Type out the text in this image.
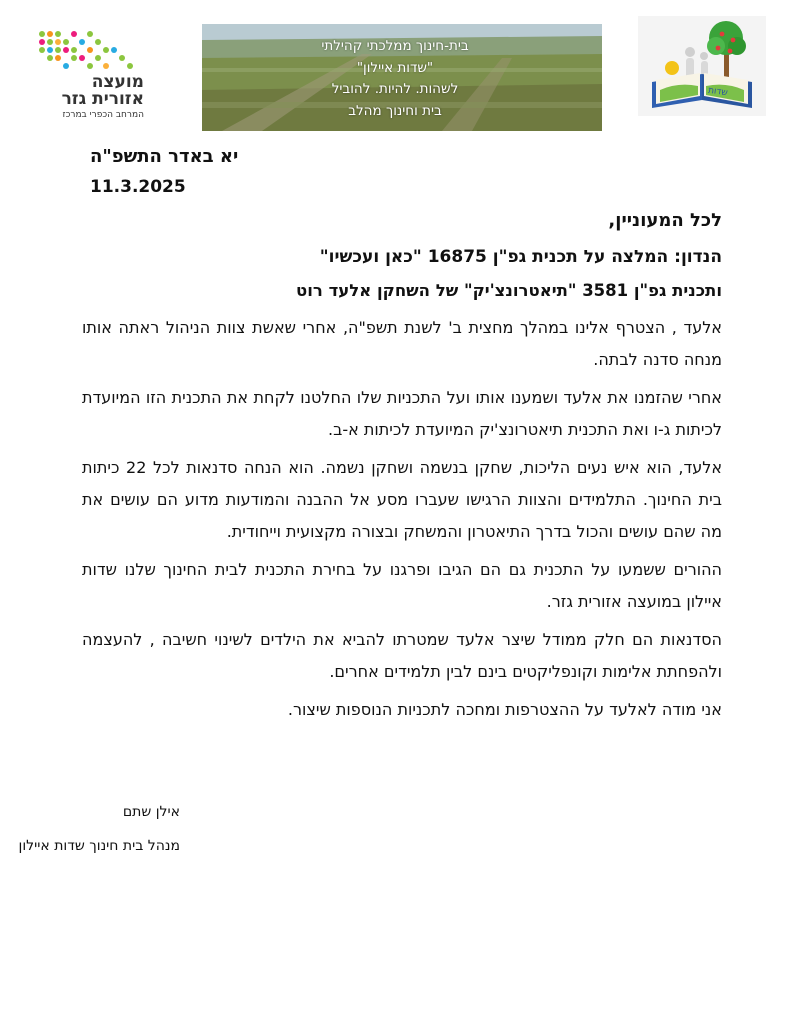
שדות
בית-חינוך ממלכתי קהילתי
"שדות איילון"
לשהות. להיות. להוביל
בית וחינוך מהלב
מועצה
אזורית גזר
המרחב הכפרי במרכז
יא באדר התשפ"ה
11.3.2025
לכל המעוניין,
הנדון: המלצה על תכנית גפ"ן 16875 "כאן ועכשיו"
ותכנית גפ"ן 3581 "תיאטרונצ'יק" של השחקן אלעד רוט
אלעד , הצטרף אלינו במהלך מחצית ב' לשנת תשפ"ה, אחרי שאשת צוות הניהול ראתה אותו מנחה סדנה לבתה.
אחרי שהזמנו את אלעד ושמענו אותו ועל התכניות שלו החלטנו לקחת את התכנית הזו המיועדת לכיתות ג-ו ואת התכנית תיאטרונצ'יק המיועדת לכיתות א-ב.
אלעד, הוא איש נעים הליכות, שחקן בנשמה ושחקן נשמה. הוא הנחה סדנאות לכל 22 כיתות בית החינוך. התלמידים והצוות הרגישו שעברו מסע אל ההבנה והמודעות מדוע הם עושים את מה שהם עושים והכול בדרך התיאטרון והמשחק ובצורה מקצועית וייחודית.
ההורים ששמעו על התכנית גם הם הגיבו ופרגנו על בחירת התכנית לבית החינוך שלנו שדות איילון במועצה אזורית גזר.
הסדנאות הם חלק ממודל שיצר אלעד שמטרתו להביא את הילדים לשינוי חשיבה , להעצמה ולהפחתת אלימות וקונפליקטים בינם לבין תלמידים אחרים.
אני מודה לאלעד על ההצטרפות ומחכה לתכניות הנוספות שיצור.
אילן שתם
מנהל בית חינוך שדות איילון
